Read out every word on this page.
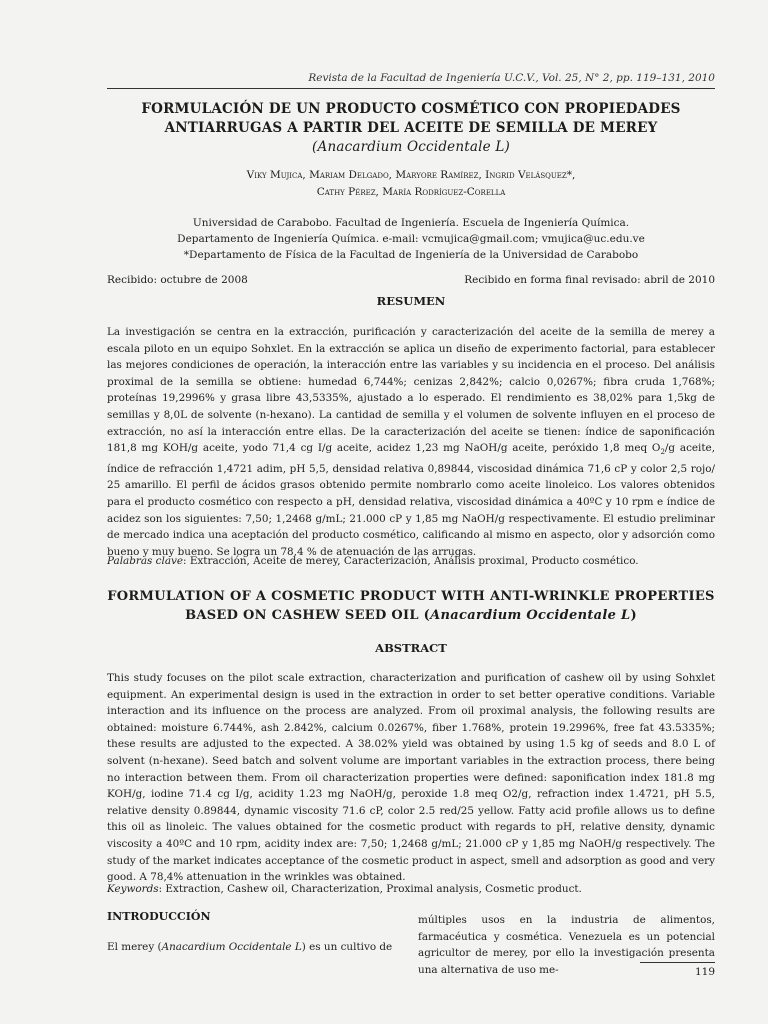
Revista de la Facultad de Ingeniería U.C.V., Vol. 25, N° 2, pp. 119–131, 2010
FORMULACIÓN DE UN PRODUCTO COSMÉTICO CON PROPIEDADES
ANTIARRUGAS A PARTIR DEL ACEITE DE SEMILLA DE MEREY
(Anacardium Occidentale L)
Viky Mujica, Mariam Delgado, Maryore Ramírez, Ingrid Velásquez*,
Cathy Pérez, María Rodríguez-Corella
Universidad de Carabobo. Facultad de Ingeniería. Escuela de Ingeniería Química.
Departamento de Ingeniería Química. e-mail: vcmujica@gmail.com; vmujica@uc.edu.ve
*Departamento de Física de la Facultad de Ingeniería de la Universidad de Carabobo
Recibido: octubre de 2008	Recibido en forma final revisado: abril de 2010
RESUMEN
La investigación se centra en la extracción, purificación y caracterización del aceite de la semilla de merey a escala piloto en un equipo Sohxlet. En la extracción se aplica un diseño de experimento factorial, para establecer las mejores condiciones de operación, la interacción entre las variables y su incidencia en el proceso. Del análisis proximal de la semilla se obtiene: humedad 6,744%; cenizas 2,842%; calcio 0,0267%; fibra cruda 1,768%; proteínas 19,2996% y grasa libre 43,5335%, ajustado a lo esperado. El rendimiento es 38,02% para 1,5kg de semillas y 8,0L de solvente (n-hexano). La cantidad de semilla y el volumen de solvente influyen en el proceso de extracción, no así la interacción entre ellas. De la caracterización del aceite se tienen: índice de saponificación 181,8 mg KOH/g aceite, yodo 71,4 cg I/g aceite, acidez 1,23 mg NaOH/g aceite, peróxido 1,8 meq $O_2/g$ aceite, índice de refracción 1,4721 adim, pH 5,5, densidad relativa 0,89844, viscosidad dinámica 71,6 cP y color 2,5 rojo/ 25 amarillo. El perfil de ácidos grasos obtenido permite nombrarlo como aceite linoleico. Los valores obtenidos para el producto cosmético con respecto a pH, densidad relativa, viscosidad dinámica a 40ºC y 10 rpm e índice de acidez son los siguientes: 7,50; 1,2468 g/mL; 21.000 cP y 1,85 mg NaOH/g respectivamente. El estudio preliminar de mercado indica una aceptación del producto cosmético, calificando al mismo en aspecto, olor y adsorción como bueno y muy bueno. Se logra un 78,4 % de atenuación de las arrugas.
Palabras clave: Extracción, Aceite de merey, Caracterización, Análisis proximal, Producto cosmético.
FORMULATION OF A COSMETIC PRODUCT WITH ANTI-WRINKLE PROPERTIES
BASED ON CASHEW SEED OIL (Anacardium Occidentale L)
ABSTRACT
This study focuses on the pilot scale extraction, characterization and purification of cashew oil by using Sohxlet equipment. An experimental design is used in the extraction in order to set better operative conditions. Variable interaction and its influence on the process are analyzed. From oil proximal analysis, the following results are obtained: moisture 6.744%, ash 2.842%, calcium 0.0267%, fiber 1.768%, protein 19.2996%, free fat 43.5335%; these results are adjusted to the expected. A 38.02% yield was obtained by using 1.5 kg of seeds and 8.0 L of solvent (n-hexane). Seed batch and solvent volume are important variables in the extraction process, there being no interaction between them. From oil characterization properties were defined: saponification index 181.8 mg KOH/g, iodine 71.4 cg I/g, acidity 1.23 mg NaOH/g, peroxide 1.8 meq O2/g, refraction index 1.4721, pH 5.5, relative density 0.89844, dynamic viscosity 71.6 cP, color 2.5 red/25 yellow. Fatty acid profile allows us to define this oil as linoleic. The values obtained for the cosmetic product with regards to pH, relative density, dynamic viscosity a 40ºC and 10 rpm, acidity index are: 7,50; 1,2468 g/mL; 21.000 cP y 1,85 mg NaOH/g respectively. The study of the market indicates acceptance of the cosmetic product in aspect, smell and adsorption as good and very good. A 78,4% attenuation in the wrinkles was obtained.
Keywords: Extraction, Cashew oil, Characterization, Proximal analysis, Cosmetic product.
INTRODUCCIÓN
El merey (Anacardium Occidentale L) es un cultivo de
múltiples usos en la industria de alimentos, farmacéutica y cosmética. Venezuela es un potencial agricultor de merey, por ello la investigación presenta una alternativa de uso me-	119
